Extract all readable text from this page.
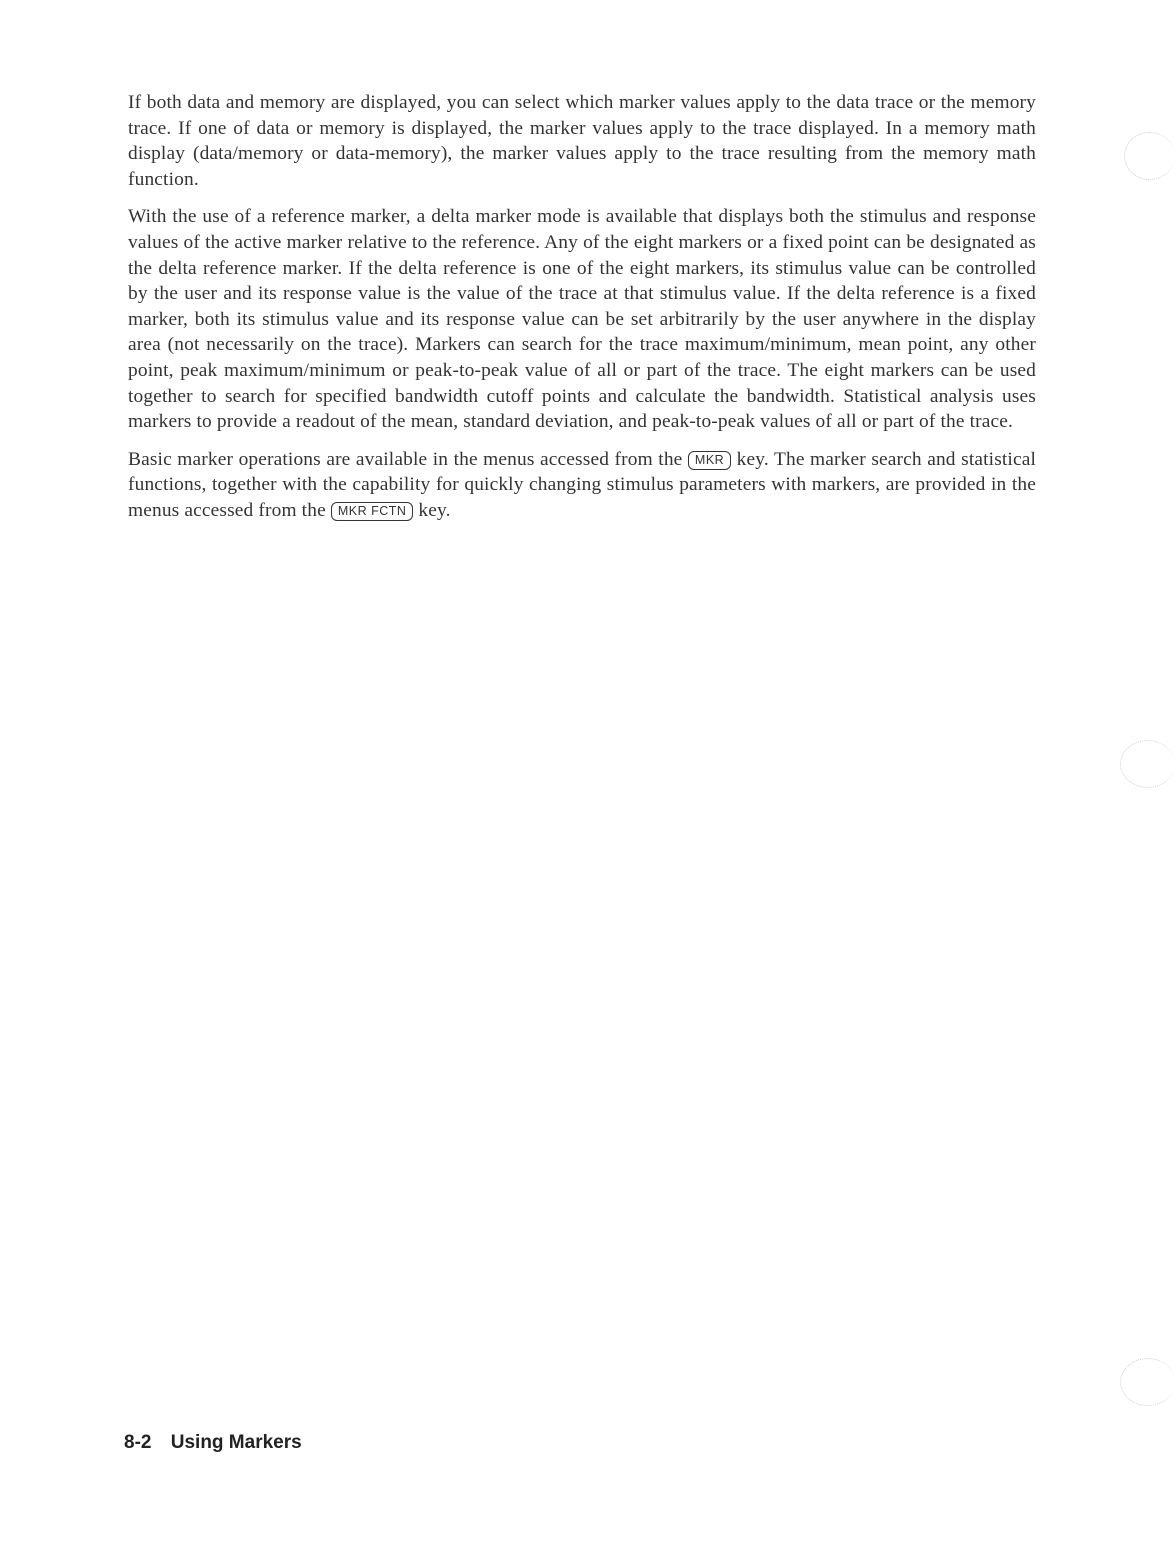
If both data and memory are displayed, you can select which marker values apply to the data trace or the memory trace. If one of data or memory is displayed, the marker values apply to the trace displayed. In a memory math display (data/memory or data-memory), the marker values apply to the trace resulting from the memory math function.

With the use of a reference marker, a delta marker mode is available that displays both the stimulus and response values of the active marker relative to the reference. Any of the eight markers or a fixed point can be designated as the delta reference marker. If the delta reference is one of the eight markers, its stimulus value can be controlled by the user and its response value is the value of the trace at that stimulus value. If the delta reference is a fixed marker, both its stimulus value and its response value can be set arbitrarily by the user anywhere in the display area (not necessarily on the trace). Markers can search for the trace maximum/minimum, mean point, any other point, peak maximum/minimum or peak-to-peak value of all or part of the trace. The eight markers can be used together to search for specified bandwidth cutoff points and calculate the bandwidth. Statistical analysis uses markers to provide a readout of the mean, standard deviation, and peak-to-peak values of all or part of the trace.

Basic marker operations are available in the menus accessed from the MKR key. The marker search and statistical functions, together with the capability for quickly changing stimulus parameters with markers, are provided in the menus accessed from the MKR FCTN key.

8-2 Using Markers
